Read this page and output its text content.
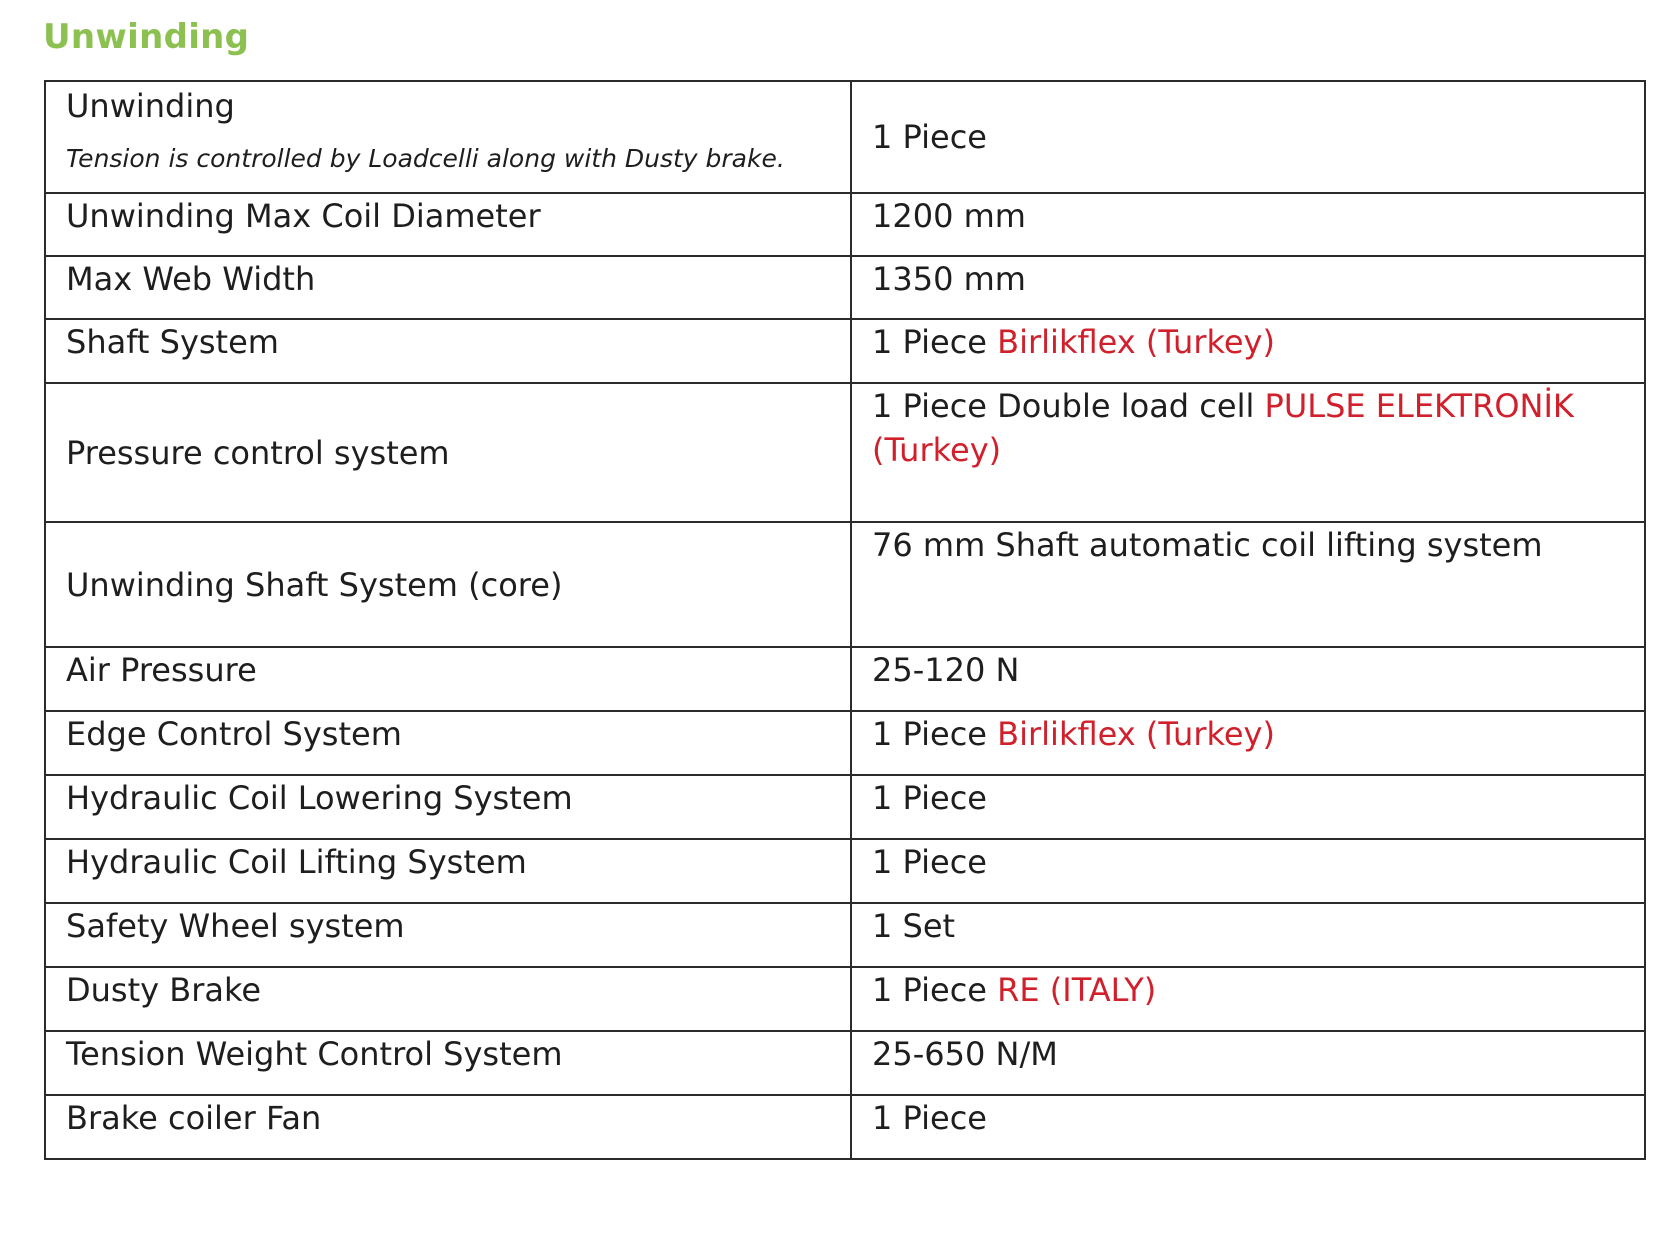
Unwinding
Unwinding
Tension is controlled by Loadcelli along with Dusty brake.	1 Piece
Unwinding Max Coil Diameter	1200 mm
Max Web Width	1350 mm
Shaft System	1 Piece Birlikflex (Turkey)
Pressure control system	1 Piece Double load cell PULSE ELEKTRONİK (Turkey)
Unwinding Shaft System (core)	76 mm Shaft automatic coil lifting system
Air Pressure	25-120 N
Edge Control System	1 Piece Birlikflex (Turkey)
Hydraulic Coil Lowering System	1 Piece
Hydraulic Coil Lifting System	1 Piece
Safety Wheel system	1 Set
Dusty Brake	1 Piece RE (ITALY)
Tension Weight Control System	25-650 N/M
Brake coiler Fan	1 Piece
